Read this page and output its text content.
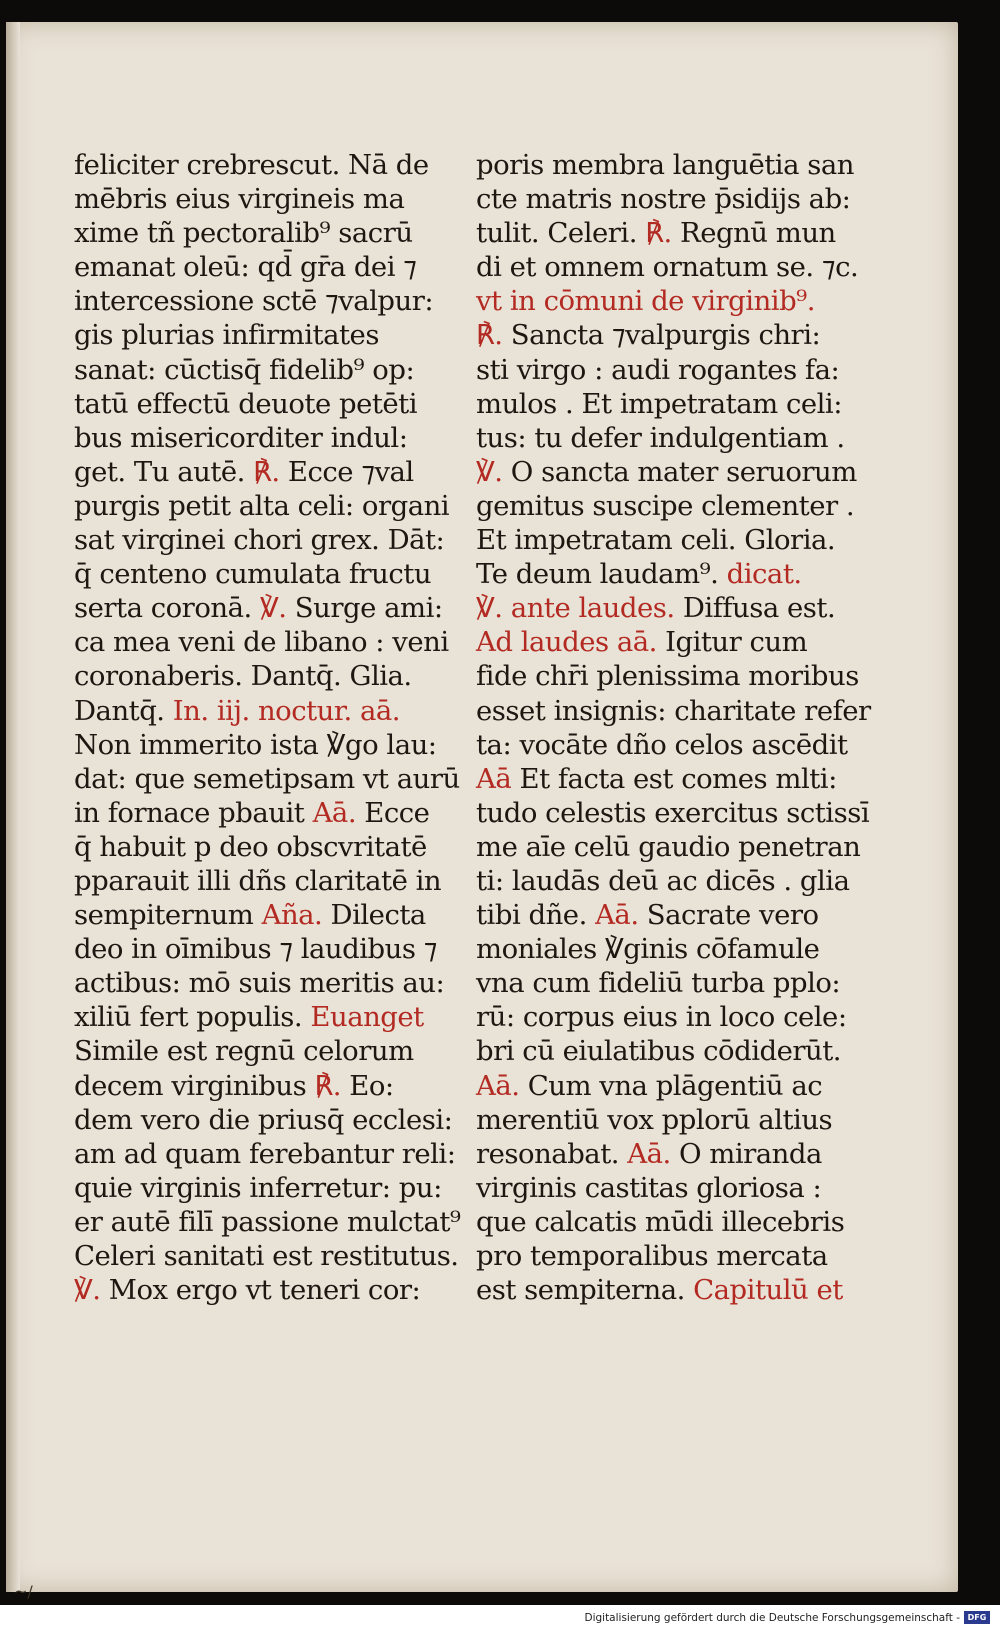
feliciter crebrescut. Nā de
mēbris eius virgineis ma
xime tñ pectoralib⁹ sacrū
emanat oleū: qd̄ gr̄a dei ⁊
intercessione sctē ⁊valpur:
gis plurias infirmitates
sanat: cūctisq̄ fidelib⁹ op:
tatū effectū deuote petēti
bus misericorditer indul:
get. Tu autē. ℟. Ecce ⁊val
purgis petit alta celi: organi
sat virginei chori grex. Dāt:
q̄ centeno cumulata fructu
serta coronā. ℣. Surge ami:
ca mea veni de libano : veni
coronaberis. Dantq̄. Glia.
Dantq̄. In. iij. noctur. aā.
Non immerito ista ℣go lau:
dat: que semetipsam vt aurū
in fornace pbauit Aā. Ecce
q̄ habuit p deo obscvritatē
pparauit illi dñs claritatē in
sempiternum Aña. Dilecta
deo in oīmibus ⁊ laudibus ⁊
actibus: mō suis meritis au:
xiliū fert populis. Euanget
Simile est regnū celorum
decem virginibus ℟. Eo:
dem vero die priusq̄ ecclesi:
am ad quam ferebantur reli:
quie virginis inferretur: pu:
er autē filī passione mulctat⁹
Celeri sanitati est restitutus.
℣. Mox ergo vt teneri cor:
poris membra languētia san
cte matris nostre p̄sidijs ab:
tulit. Celeri. ℟. Regnū mun
di et omnem ornatum se. ⁊c.
vt in cōmuni de virginib⁹.
℟. Sancta ⁊valpurgis chri:
sti virgo : audi rogantes fa:
mulos . Et impetratam celi:
tus: tu defer indulgentiam .
℣. O sancta mater seruorum
gemitus suscipe clementer .
Et impetratam celi. Gloria.
Te deum laudam⁹. dicat.
℣. ante laudes. Diffusa est.
Ad laudes aā. Igitur cum
fide chr̄i plenissima moribus
esset insignis: charitate refer
ta: vocāte dño celos ascēdit
Aā Et facta est comes mlti:
tudo celestis exercitus sctissī
me aīe celū gaudio penetran
ti: laudās deū ac dicēs . glia
tibi dñe. Aā. Sacrate vero
moniales ℣ginis cōfamule
vna cum fideliū turba pplo:
rū: corpus eius in loco cele:
bri cū eiulatibus cōdiderūt.
Aā. Cum vna plāgentiū ac
merentiū vox pplorū altius
resonabat. Aā. O miranda
virginis castitas gloriosa :
que calcatis mūdi illecebris
pro temporalibus mercata
est sempiterna. Capitulū et
~/
Digitalisierung gefördert durch die Deutsche Forschungsgemeinschaft - DFG
